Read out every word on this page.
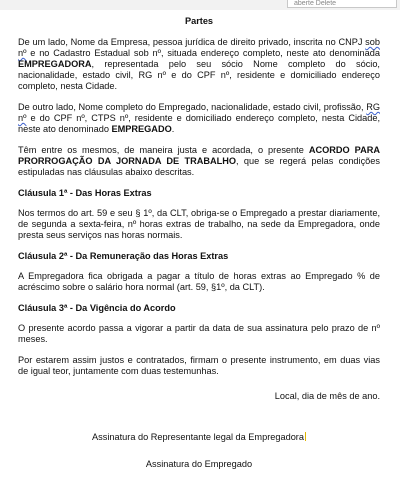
aberte Delete
Partes

De um lado, Nome da Empresa, pessoa jurídica de direito privado, inscrita no CNPJ sob nº e no Cadastro Estadual sob nº, situada endereço completo, neste ato denominada EMPREGADORA, representada pelo seu sócio Nome completo do sócio, nacionalidade, estado civil, RG nº e do CPF nº, residente e domiciliado endereço completo, nesta Cidade.

De outro lado, Nome completo do Empregado, nacionalidade, estado civil, profissão, RG nº e do CPF nº, CTPS nº, residente e domiciliado endereço completo, nesta Cidade, neste ato denominado EMPREGADO.

Têm entre os mesmos, de maneira justa e acordada, o presente ACORDO PARA PRORROGAÇÃO DA JORNADA DE TRABALHO, que se regerá pelas condições estipuladas nas cláusulas abaixo descritas.

Cláusula 1ª - Das Horas Extras

Nos termos do art. 59 e seu § 1º, da CLT, obriga-se o Empregado a prestar diariamente, de segunda a sexta-feira, nº horas extras de trabalho, na sede da Empregadora, onde presta seus serviços nas horas normais.

Cláusula 2ª - Da Remuneração das Horas Extras

A Empregadora fica obrigada a pagar a título de horas extras ao Empregado % de acréscimo sobre o salário hora normal (art. 59, §1º, da CLT).

Cláusula 3ª - Da Vigência do Acordo

O presente acordo passa a vigorar a partir da data de sua assinatura pelo prazo de nº meses.

Por estarem assim justos e contratados, firmam o presente instrumento, em duas vias de igual teor, juntamente com duas testemunhas.

Local, dia de mês de ano.
Assinatura do Representante legal da Empregadora
Assinatura do Empregado
